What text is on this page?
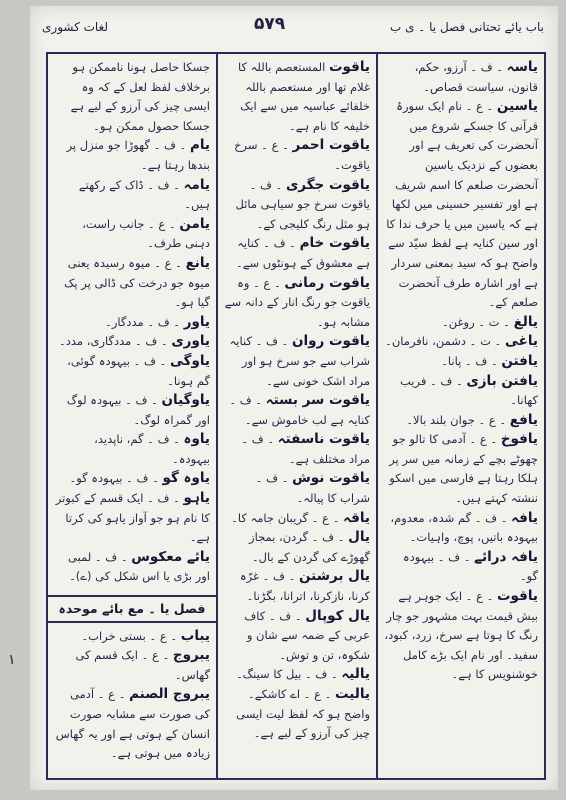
باب یائے تحتانی فصل یا ۔ ی ب
۵۷۹
لغات کشوری

یاسہ ۔ ف ۔ آرزو، حکم، قانون، سیاست قصاص۔

یاسین ۔ ع ۔ نام ایک سورۂ قرآنی کا جسکے شروع میں آنحضرت کی تعریف ہے اور بعضوں کے نزدیک یاسین آنحضرت صلعم کا اسم شریف ہے اور تفسیر حسینی میں لکھا ہے کہ یاسین میں یا حرف ندا کا اور سین کنایہ ہے لفظ سیّد سے واضح ہو کہ سید بمعنی سردار ہے اور اشارہ طرف آنحضرت صلعم کے۔

یالغ ۔ ت ۔ روغن۔

یاغی ۔ ت ۔ دشمن، نافرمان۔

یافتن ۔ ف ۔ پانا۔

یافتن بازی ۔ ف ۔ فریب کھانا۔

یافع ۔ ع ۔ جوان بلند بالا۔

یافوخ ۔ ع ۔ آدمی کا تالو جو چھوٹے بچے کے زمانہ میں سر پر ہلکا رہتا ہے فارسی میں اسکو ننشتہ کہتے ہیں۔

یافہ ۔ ف ۔ گم شدہ، معدوم، بیہودہ باتیں، پوچ، واہیات۔

یافہ درائے ۔ ف ۔ بیہودہ گو۔

یاقوت ۔ ع ۔ ایک جوہر ہے بیش قیمت بہت مشہور جو چار رنگ کا ہوتا ہے سرخ، زرد، کبود، سفید۔ اور نام ایک بڑے کامل خوشنویس کا ہے۔

یاقوت المستعصم باللہ کا غلام تھا اور مستعصم باللہ خلفائے عباسیہ میں سے ایک خلیفہ کا نام ہے۔

یاقوت احمر ۔ ع ۔ سرخ یاقوت۔

یاقوت جگری ۔ ف ۔ یاقوت سرخ جو سیاہی مائل ہو مثل رنگ کلیجی کے۔

یاقوت خام ۔ ف ۔ کنایہ ہے معشوق کے ہونٹوں سے۔

یاقوت رمانی ۔ ع ۔ وہ یاقوت جو رنگ انار کے دانہ سے مشابہ ہو۔

یاقوت روان ۔ ف ۔ کنایہ شراب سے جو سرخ ہو اور مراد اشک خونی سے۔

یاقوت سر بستہ ۔ ف ۔ کنایہ ہے لب خاموش سے۔

یاقوت ناسفتہ ۔ ف ۔ مراد مختلف ہے۔

یاقوت نوش ۔ ف ۔ شراب کا پیالہ۔

یاقہ ۔ ع ۔ گریبان جامہ کا۔

یال ۔ ف ۔ گردن، بمجاز گھوڑے کی گردن کے بال۔

یال برشتن ۔ ف ۔ غرّہ کرنا، نازکرنا، اترانا، بگڑنا۔

یال کوپال ۔ ف ۔ کاف عربی کے ضمہ سے شان و شکوہ، تن و توش۔

یالیہ ۔ ف ۔ بیل کا سینگ۔

یالیت ۔ ع ۔ اے کاشکے۔ واضح ہو کہ لفظ لیت ایسی چیز کی آرزو کے لیے ہے۔

جسکا حاصل ہونا ناممکن ہو برخلاف لفظ لعل کے کہ وہ ایسی چیز کی آرزو کے لیے ہے جسکا حصول ممکن ہو۔

یام ۔ ف ۔ گھوڑا جو منزل پر بندھا رہتا ہے۔

یامہ ۔ ف ۔ ڈاک کے رکھتے ہیں۔

یامن ۔ ع ۔ جانب راست، دہنی طرف۔

یانع ۔ ع ۔ میوہ رسیدہ یعنی میوہ جو درخت کی ڈالی پر پک گیا ہو۔

یاور ۔ ف ۔ مددگار۔

یاوری ۔ ف ۔ مددگاری، مدد۔

یاوگی ۔ ف ۔ بیہودہ گوئی، گم ہونا۔

یاوگیان ۔ ف ۔ بیہودہ لوگ اور گمراہ لوگ۔

یاوہ ۔ ف ۔ گم، ناپدید، بیہودہ۔

یاوہ گو ۔ ف ۔ بیہودہ گو۔

یاہو ۔ ف ۔ ایک قسم کے کبوتر کا نام ہو جو آواز یاہو کی کرتا ہے۔

یائے معکوس ۔ ف ۔ لمبی اور بڑی یا اس شکل کی (ے)۔

فصل یا ۔ مع بائے موحدہ

یباب ۔ ع ۔ بستی خراب۔

یبروج ۔ ع ۔ ایک قسم کی گھاس۔

یبروج الصنم ۔ ع ۔ آدمی کی صورت سے مشابہ صورت انسان کے ہوتی ہے اور یہ گھاس زیادہ میں ہوتی ہے۔

۱
